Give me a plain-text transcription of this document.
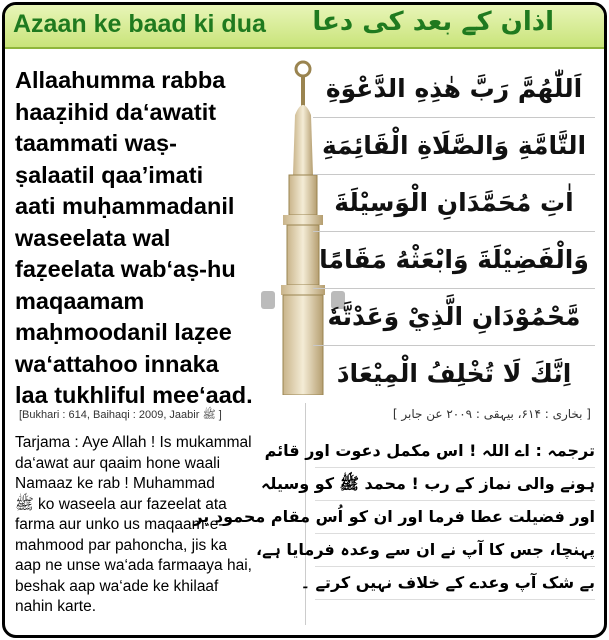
Azaan ke baad ki dua اذان کے بعد کی دعا
Allaahumma rabba
haaẓihid da‘awatit
taammati waṣ-
ṣalaatil qaa’imati
aati muḥammadanil
waseelata wal
faẓeelata wab‘aṣ-hu
maqaamam
maḥmoodanil laẓee
wa‘attahoo innaka
laa tukhliful mee‘aad.
اَللّٰهُمَّ رَبَّ هٰذِهِ الدَّعْوَةِ
التَّامَّةِ وَالصَّلَاةِ الْقَائِمَةِ
اٰتِ مُحَمَّدَانِ الْوَسِيْلَةَ
وَالْفَضِيْلَةَ وَابْعَثْهُ مَقَامًا
مَّحْمُوْدَانِ الَّذِيْ وَعَدْتَّهٗ
اِنَّكَ لَا تُخْلِفُ الْمِيْعَادَ
[Bukhari : 614, Baihaqi : 2009, Jaabir ﷺ ]	[ بخاری : ۶۱۴، بیہقی : ۲۰۰۹ عن جابر ]
Tarjama : Aye Allah ! Is mukammal
da‘awat aur qaaim hone waali
Namaaz ke rab ! Muhammad
ﷺ ko waseela aur fazeelat ata
farma aur unko us maqaam-e-
mahmood par pahoncha, jis ka
aap ne unse wa‘ada farmaaya hai,
beshak aap wa‘ade ke khilaaf
nahin karte.
ترجمہ : اے اللہ ! اس مکمل دعوت اور قائم
ہونے والی نماز کے رب ! محمد ﷺ کو وسیلہ
اور فضیلت عطا فرما اور ان کو اُس مقام محمود پر
پہنچا، جس کا آپ نے ان سے وعدہ فرمایا ہے،
بے شک آپ وعدے کے خلاف نہیں کرتے ۔
